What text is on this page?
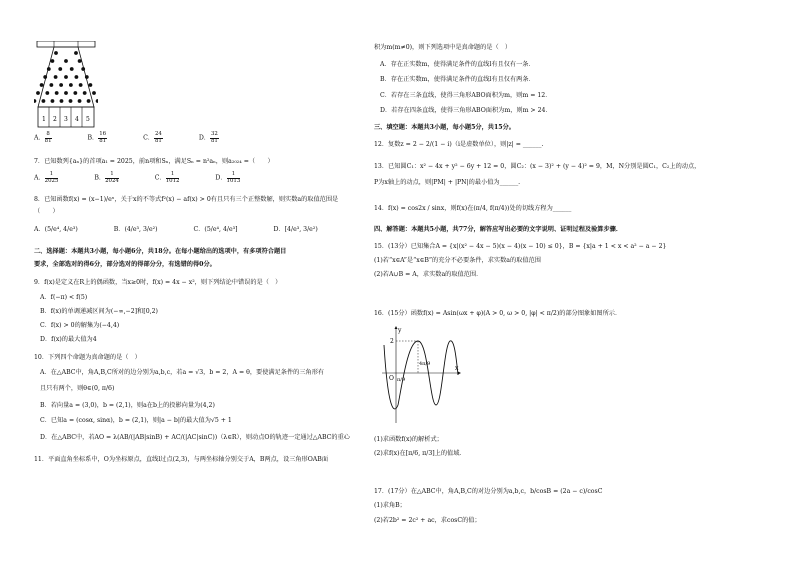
1 2 3 4 5
A． $\frac{8}{81}$	B． $\frac{16}{81}$	C． $\frac{24}{81}$	D． $\frac{32}{81}$
7．已知数列{aₙ}的首项a₁ = 2025，前n项和Sₙ，满足Sₙ = n²aₙ，则a₂₀₂₄ =（　　）
A． $\frac{1}{2025}$	B． $\frac{1}{2024}$	C． $\frac{1}{1012}$	D． $\frac{1}{1013}$
8．已知函数f(x) = (x−1)/eˣ，关于x的不等式f²(x) − af(x) > 0有且只有三个正整数解，则实数a的取值范围是
（　　）
A．(5/e⁴, 4/e³)	B．(4/e³, 3/e²)	C．(5/e⁴, 4/e³]	D．[4/e³, 3/e²)
二、选择题：本题共3小题，每小题6分，共18分。在每小题给出的选项中，有多项符合题目
要求，全部选对的得6分，部分选对的得部分分，有选错的得0分。
9．f(x)是定义在R上的偶函数，当x≥0时，f(x) = 4x − x²，则下列结论中错误的是（　）
A．f(−π) < f(5)
B．f(x)的单调递减区间为(−∞,−2]和[0,2)
C．f(x) > 0的解集为(−4,4)
D．f(x)的最大值为4
10．下列四个命题为真命题的是（　）
A．在△ABC中，角A,B,C所对的边分别为a,b,c，若a = √3，b = 2，A = θ，要使满足条件的三角形有
且只有两个，则θ∈(0, π/6)
B．若向量a = (3,0)，b = (2,1)，则a在b上的投影向量为(4,2)
C．已知a = (cosα, sinα)，b = (2,1)，则|a − b|的最大值为√5 + 1
D．在△ABC中，若AO = λ(AB/(|AB|sinB) + AC/(|AC|sinC))（λ∈R），则动点O的轨迹一定通过△ABC的重心
11．平面直角坐标系中，O为坐标原点，直线l过点(2,3)，与两坐标轴分别交于A，B两点，设三角形OAB面
积为m(m≠0)，则下列选项中是真命题的是（　）
A．存在正实数m，使得满足条件的直线l有且仅有一条．
B．存在正实数m，使得满足条件的直线l有且仅有两条．
C．若存在三条直线，使得三角形ABO面积为m，则m = 12．
D．若存在四条直线，使得三角形ABO面积为m，则m > 24．
三、填空题：本题共3小题，每小题5分，共15分。
12．复数z = 2 − 2/(1 − i)（i是虚数单位），则|z| = ______.
13．已知圆C₁：x² − 4x + y² − 6y + 12 = 0，圆C₂：(x − 3)² + (y − 4)² = 9，M，N分别是圆C₁，C₂上的动点，
P为x轴上的动点，则|PM| + |PN|的最小值为______.
14．f(x) = cos2x / sinx，则f(x)在(π/4, f(π/4))处的切线方程为______
四、解答题：本题共5小题，共77分，解答应写出必要的文字说明、证明过程及验算步骤．
15．(13分）已知集合A = {x|(x² − 4x − 5)(x − 4)(x − 10) ≤ 0}，B = {x|a + 1 < x < a² − a − 2}
(1)若“x∈A”是“x∈B”的充分不必要条件，求实数a的取值范围
(2)若A∪B = A，求实数a的取值范围．
16．(15分）函数f(x) = Asin(ωx + φ)(A > 0, ω > 0, |φ| < π/2)的部分图象如图所示．
y
x
O
2
π/9
4π/9
(1)求函数f(x)的解析式；
(2)求f(x)在[π/6, π/3]上的值域．
17．(17分）在△ABC中，角A,B,C的对边分别为a,b,c，b/cosB = (2a − c)/cosC
(1)求角B；
(2)若2b² = 2c² + ac，求cosC的值；
